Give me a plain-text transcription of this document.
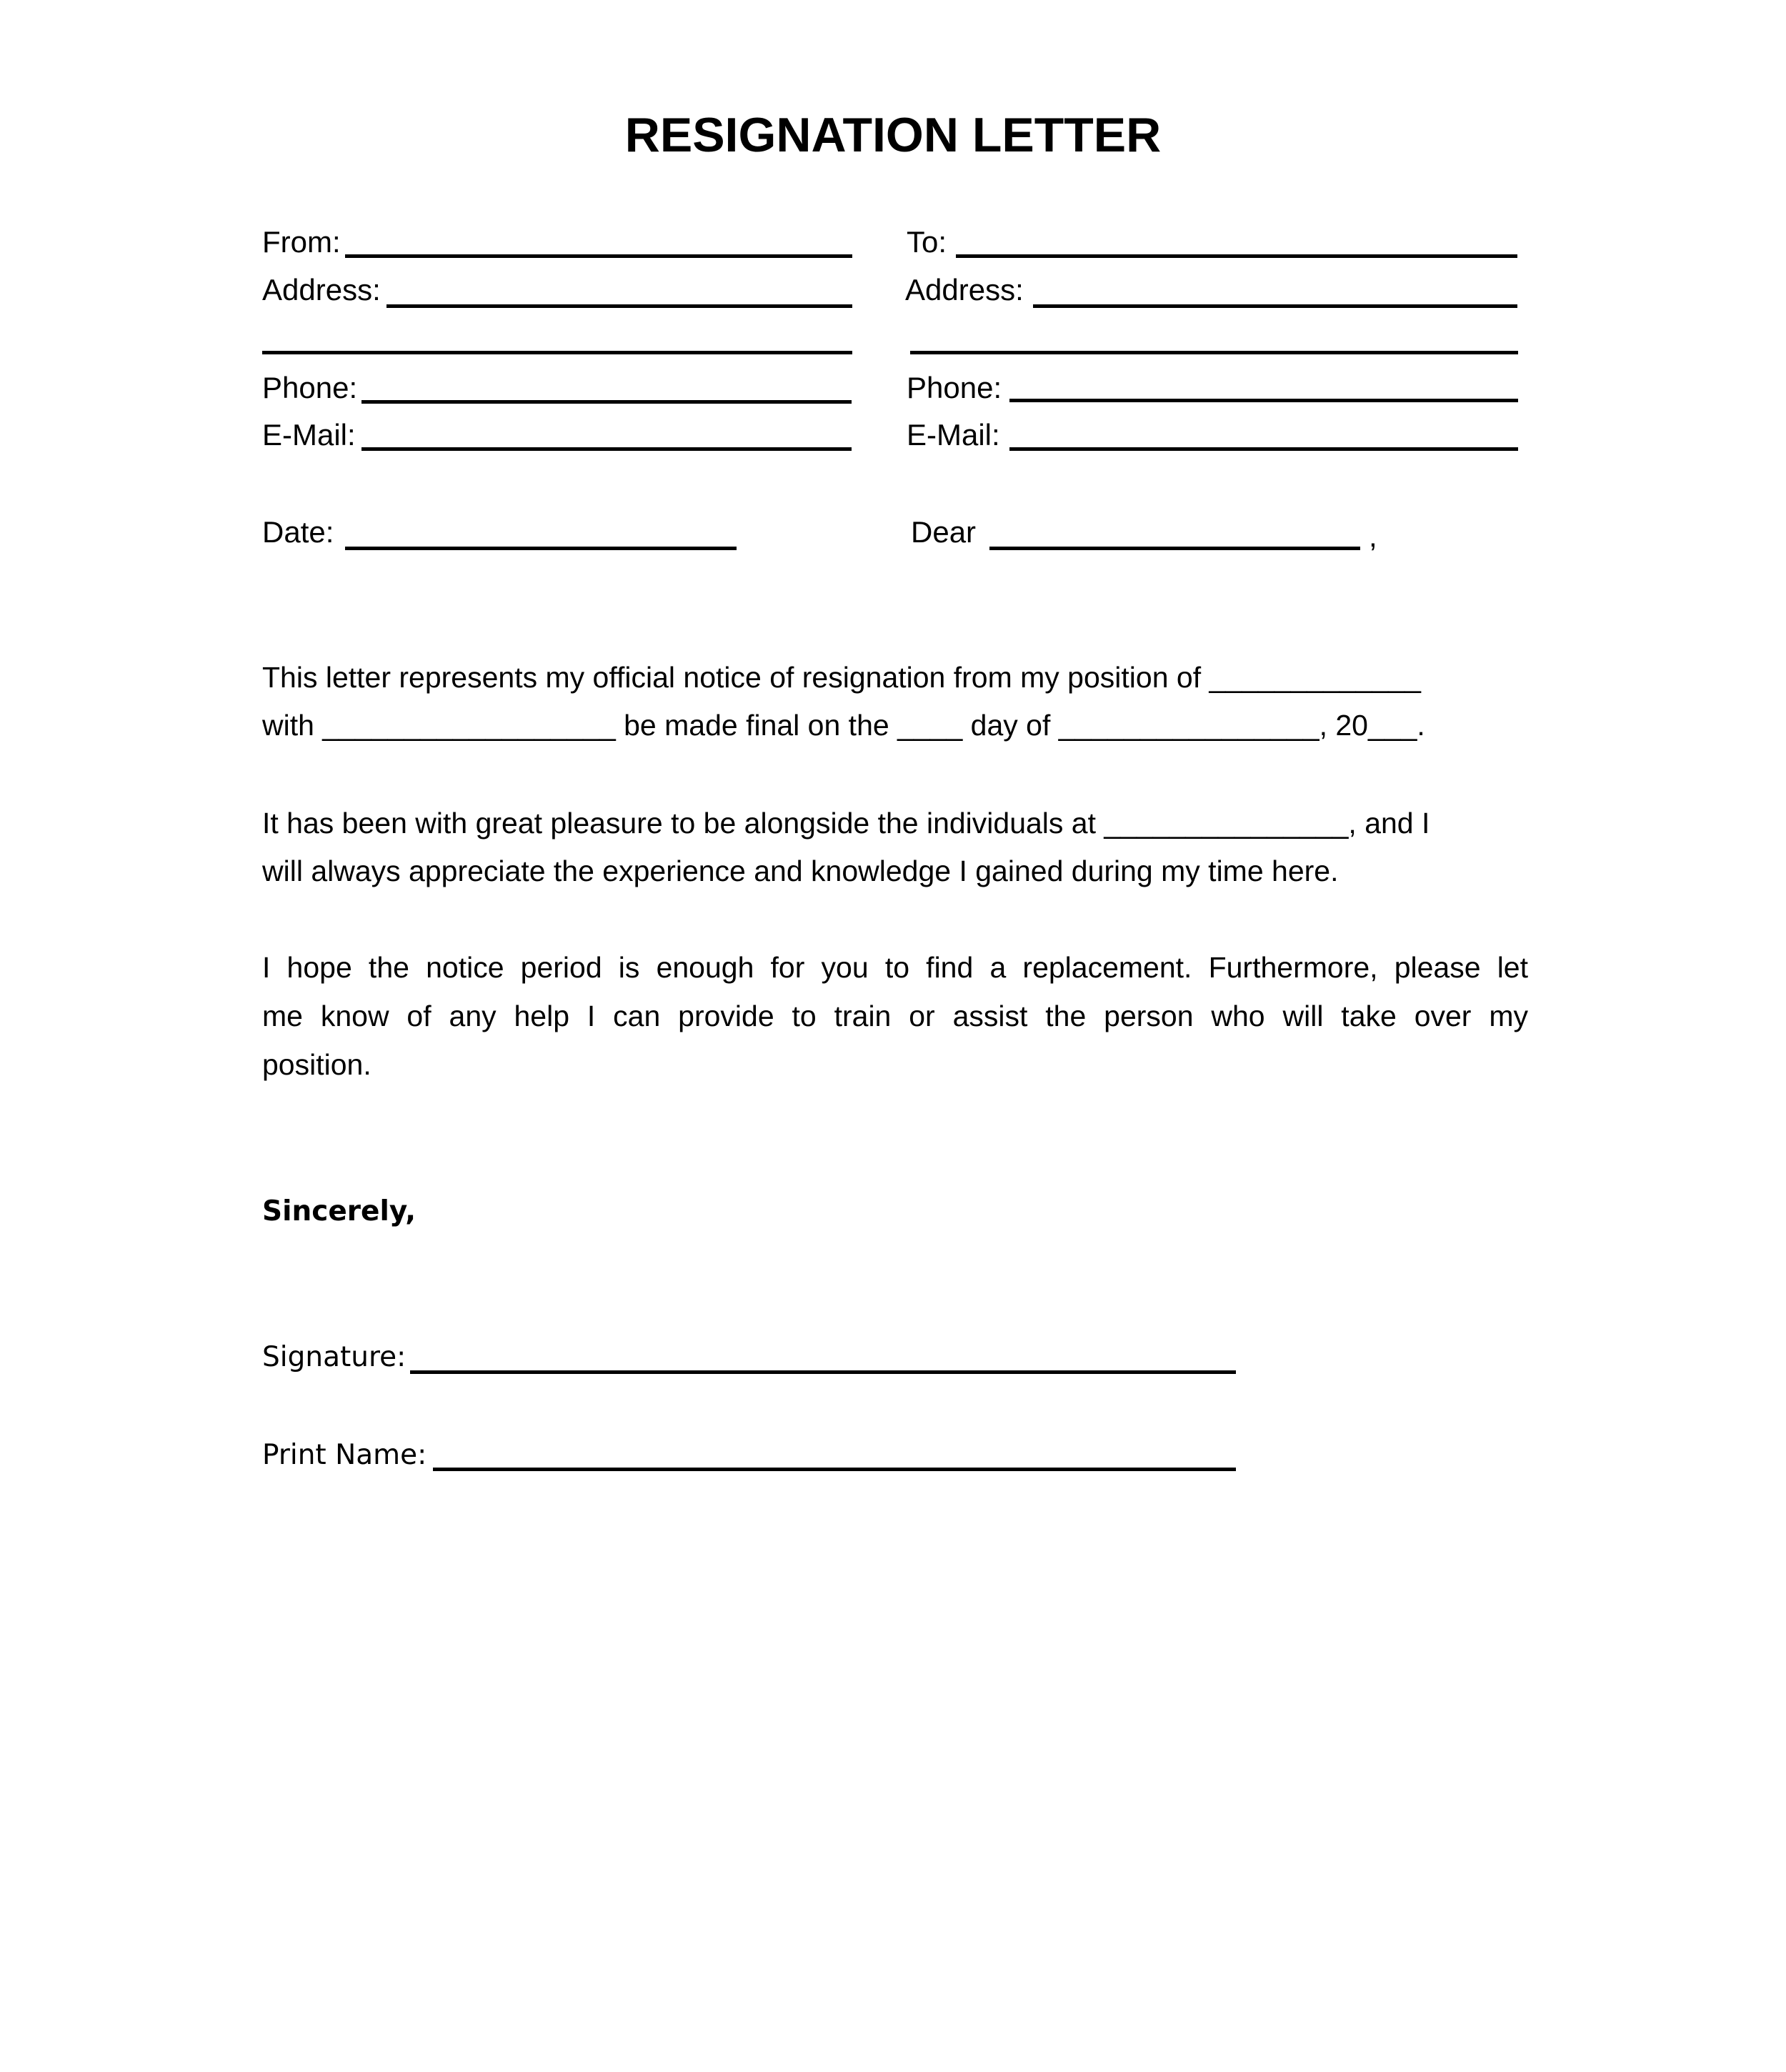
RESIGNATION LETTER
From:
Address:
Phone:
E-Mail:
To:
Address:
Phone:
E-Mail:
Date:	Dear	,
This letter represents my official notice of resignation from my position of _____________
with __________________ be made final on the ____ day of ________________, 20___.
It has been with great pleasure to be alongside the individuals at _______________, and I
will always appreciate the experience and knowledge I gained during my time here.
I hope the notice period is enough for you to find a replacement. Furthermore, please let
me know of any help I can provide to train or assist the person who will take over my
position.
Sincerely,
Signature:
Print Name:
